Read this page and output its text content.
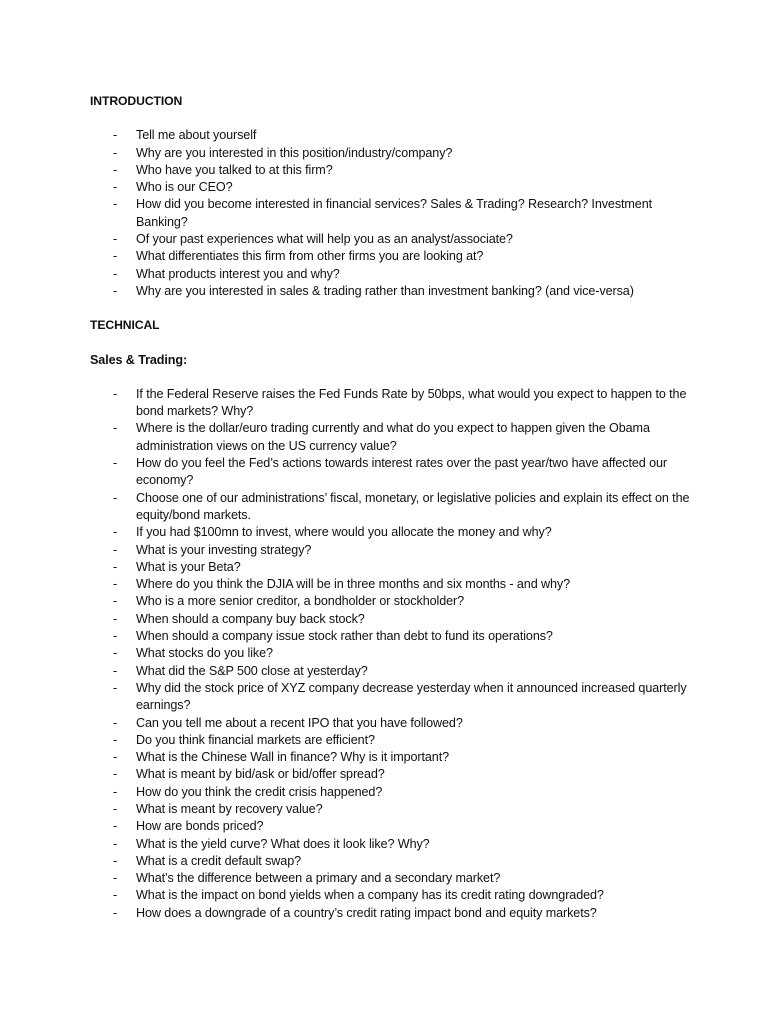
INTRODUCTION

- Tell me about yourself
- Why are you interested in this position/industry/company?
- Who have you talked to at this firm?
- Who is our CEO?
- How did you become interested in financial services? Sales & Trading? Research? Investment Banking?
- Of your past experiences what will help you as an analyst/associate?
- What differentiates this firm from other firms you are looking at?
- What products interest you and why?
- Why are you interested in sales & trading rather than investment banking? (and vice-versa)

TECHNICAL

Sales & Trading:

- If the Federal Reserve raises the Fed Funds Rate by 50bps, what would you expect to happen to the bond markets? Why?
- Where is the dollar/euro trading currently and what do you expect to happen given the Obama administration views on the US currency value?
- How do you feel the Fed’s actions towards interest rates over the past year/two have affected our economy?
- Choose one of our administrations’ fiscal, monetary, or legislative policies and explain its effect on the equity/bond markets.
- If you had $100mn to invest, where would you allocate the money and why?
- What is your investing strategy?
- What is your Beta?
- Where do you think the DJIA will be in three months and six months - and why?
- Who is a more senior creditor, a bondholder or stockholder?
- When should a company buy back stock?
- When should a company issue stock rather than debt to fund its operations?
- What stocks do you like?
- What did the S&P 500 close at yesterday?
- Why did the stock price of XYZ company decrease yesterday when it announced increased quarterly earnings?
- Can you tell me about a recent IPO that you have followed?
- Do you think financial markets are efficient?
- What is the Chinese Wall in finance? Why is it important?
- What is meant by bid/ask or bid/offer spread?
- How do you think the credit crisis happened?
- What is meant by recovery value?
- How are bonds priced?
- What is the yield curve? What does it look like? Why?
- What is a credit default swap?
- What’s the difference between a primary and a secondary market?
- What is the impact on bond yields when a company has its credit rating downgraded?
- How does a downgrade of a country’s credit rating impact bond and equity markets?
